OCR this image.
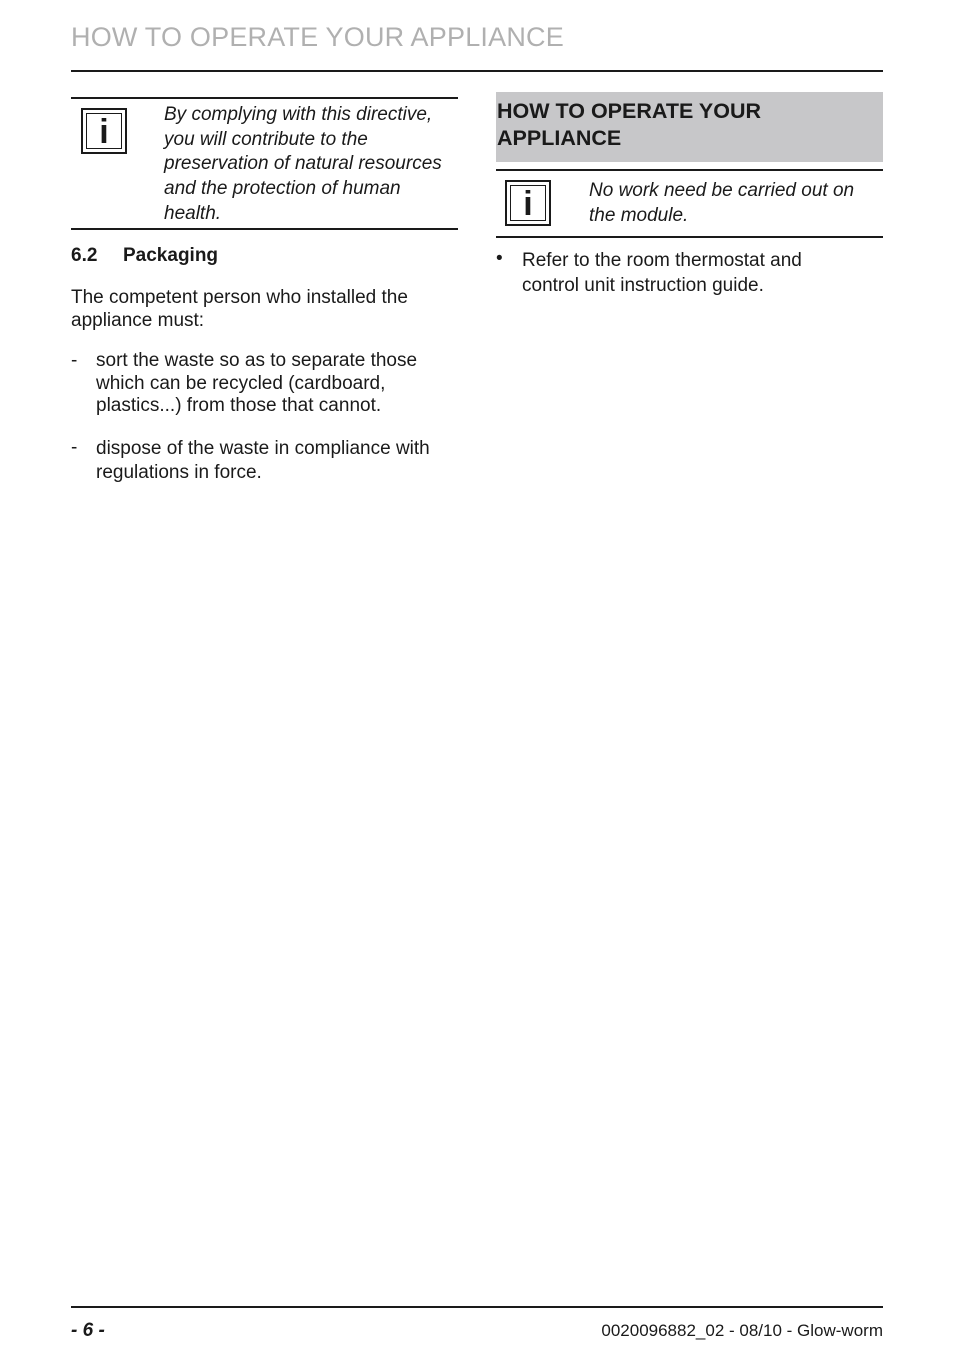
HOW TO OPERATE YOUR APPLIANCE
i	By complying with this directive, you will contribute to the preservation of natural resources and the protection of human health.
6.2 Packaging
The competent person who installed the appliance must:
- sort the waste so as to separate those which can be recycled (cardboard, plastics...) from those that cannot.
- dispose of the waste in compliance with regulations in force.
HOW TO OPERATE YOUR APPLIANCE
i	No work need be carried out on the module.
• Refer to the room thermostat and control unit instruction guide.
- 6 -	0020096882_02 - 08/10 - Glow-worm
